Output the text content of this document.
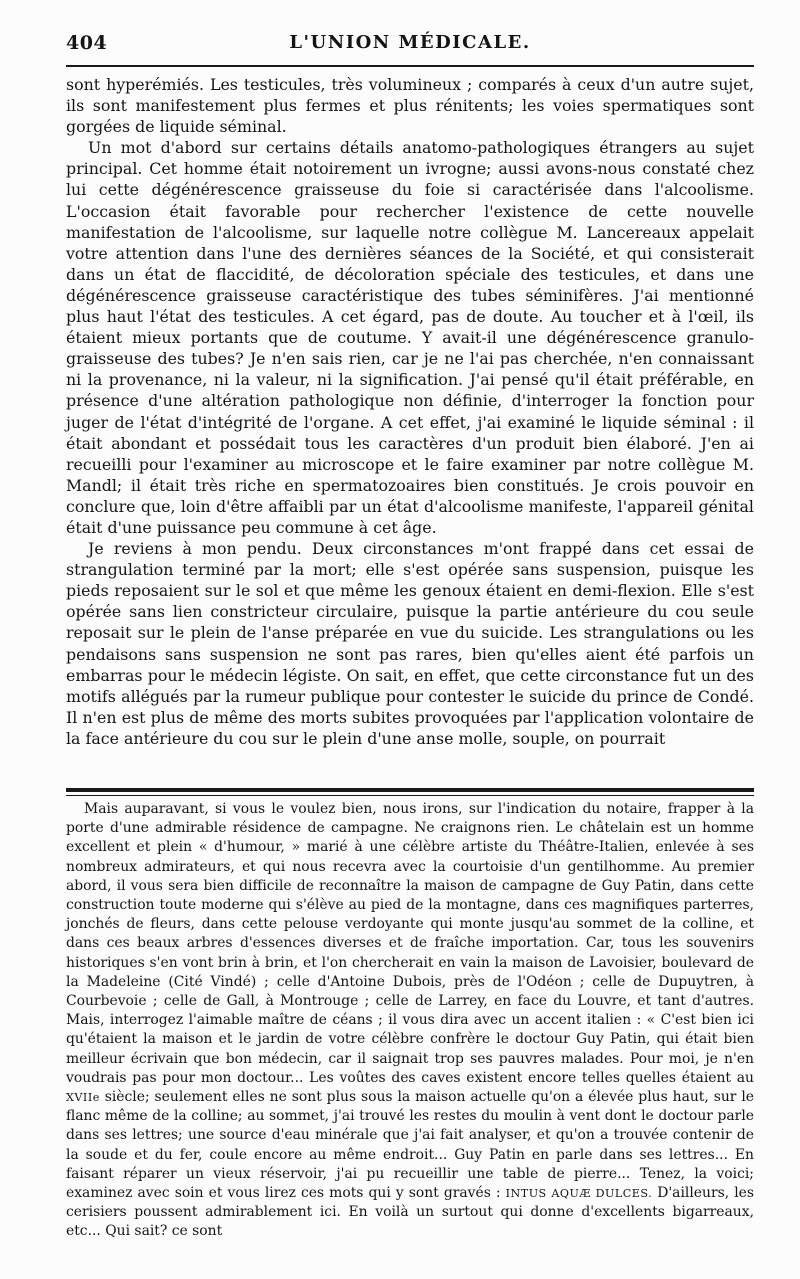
404	L'UNION MÉDICALE.

sont hyperémiés. Les testicules, très volumineux ; comparés à ceux d'un autre sujet, ils sont manifestement plus fermes et plus rénitents; les voies spermatiques sont gorgées de liquide séminal.

Un mot d'abord sur certains détails anatomo-pathologiques étrangers au sujet principal. Cet homme était notoirement un ivrogne; aussi avons-nous constaté chez lui cette dégénérescence graisseuse du foie si caractérisée dans l'alcoolisme. L'occasion était favorable pour rechercher l'existence de cette nouvelle manifestation de l'alcoolisme, sur laquelle notre collègue M. Lancereaux appelait votre attention dans l'une des dernières séances de la Société, et qui consisterait dans un état de flaccidité, de décoloration spéciale des testicules, et dans une dégénérescence graisseuse caractéristique des tubes séminifères. J'ai mentionné plus haut l'état des testicules. A cet égard, pas de doute. Au toucher et à l'œil, ils étaient mieux portants que de coutume. Y avait-il une dégénérescence granulo-graisseuse des tubes? Je n'en sais rien, car je ne l'ai pas cherchée, n'en connaissant ni la provenance, ni la valeur, ni la signification. J'ai pensé qu'il était préférable, en présence d'une altération pathologique non définie, d'interroger la fonction pour juger de l'état d'intégrité de l'organe. A cet effet, j'ai examiné le liquide séminal : il était abondant et possédait tous les caractères d'un produit bien élaboré. J'en ai recueilli pour l'examiner au microscope et le faire examiner par notre collègue M. Mandl; il était très riche en spermatozoaires bien constitués. Je crois pouvoir en conclure que, loin d'être affaibli par un état d'alcoolisme manifeste, l'appareil génital était d'une puissance peu commune à cet âge.

Je reviens à mon pendu. Deux circonstances m'ont frappé dans cet essai de strangulation terminé par la mort; elle s'est opérée sans suspension, puisque les pieds reposaient sur le sol et que même les genoux étaient en demi-flexion. Elle s'est opérée sans lien constricteur circulaire, puisque la partie antérieure du cou seule reposait sur le plein de l'anse préparée en vue du suicide. Les strangulations ou les pendaisons sans suspension ne sont pas rares, bien qu'elles aient été parfois un embarras pour le médecin légiste. On sait, en effet, que cette circonstance fut un des motifs allégués par la rumeur publique pour contester le suicide du prince de Condé. Il n'en est plus de même des morts subites provoquées par l'application volontaire de la face antérieure du cou sur le plein d'une anse molle, souple, on pourrait

Mais auparavant, si vous le voulez bien, nous irons, sur l'indication du notaire, frapper à la porte d'une admirable résidence de campagne. Ne craignons rien. Le châtelain est un homme excellent et plein « d'humour, » marié à une célèbre artiste du Théâtre-Italien, enlevée à ses nombreux admirateurs, et qui nous recevra avec la courtoisie d'un gentilhomme. Au premier abord, il vous sera bien difficile de reconnaître la maison de campagne de Guy Patin, dans cette construction toute moderne qui s'élève au pied de la montagne, dans ces magnifiques parterres, jonchés de fleurs, dans cette pelouse verdoyante qui monte jusqu'au sommet de la colline, et dans ces beaux arbres d'essences diverses et de fraîche importation. Car, tous les souvenirs historiques s'en vont brin à brin, et l'on chercherait en vain la maison de Lavoisier, boulevard de la Madeleine (Cité Vindé) ; celle d'Antoine Dubois, près de l'Odéon ; celle de Dupuytren, à Courbevoie ; celle de Gall, à Montrouge ; celle de Larrey, en face du Louvre, et tant d'autres. Mais, interrogez l'aimable maître de céans ; il vous dira avec un accent italien : « C'est bien ici qu'étaient la maison et le jardin de votre célèbre confrère le doctour Guy Patin, qui était bien meilleur écrivain que bon médecin, car il saignait trop ses pauvres malades. Pour moi, je n'en voudrais pas pour mon doctour... Les voûtes des caves existent encore telles quelles étaient au XVIIe siècle; seulement elles ne sont plus sous la maison actuelle qu'on a élevée plus haut, sur le flanc même de la colline; au sommet, j'ai trouvé les restes du moulin à vent dont le doctour parle dans ses lettres; une source d'eau minérale que j'ai fait analyser, et qu'on a trouvée contenir de la soude et du fer, coule encore au même endroit... Guy Patin en parle dans ses lettres... En faisant réparer un vieux réservoir, j'ai pu recueillir une table de pierre... Tenez, la voici; examinez avec soin et vous lirez ces mots qui y sont gravés : INTUS AQUÆ DULCES. D'ailleurs, les cerisiers poussent admirablement ici. En voilà un surtout qui donne d'excellents bigarreaux, etc... Qui sait? ce sont
